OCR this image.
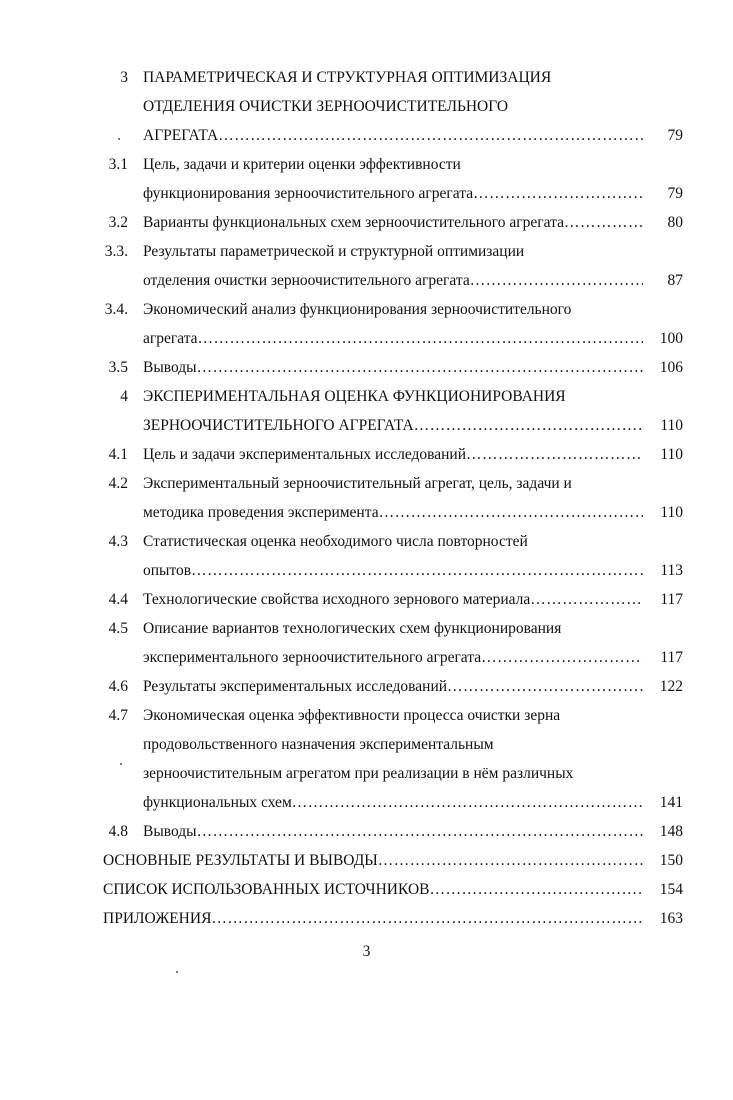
3 ПАРАМЕТРИЧЕСКАЯ И СТРУКТУРНАЯ ОПТИМИЗАЦИЯ
ОТДЕЛЕНИЯ ОЧИСТКИ ЗЕРНООЧИСТИТЕЛЬНОГО
АГРЕГАТА ……………………………………………………………………………………………………………………………………	79
3.1 Цель, задачи и критерии оценки эффективности
функционирования зерноочистительного агрегата ……………………………………………………………………………………………………………………………………	79
3.2 Варианты функциональных схем зерноочистительного агрегата ……………………………………………………………………………………………………………………………………	80
3.3. Результаты параметрической и структурной оптимизации
отделения очистки зерноочистительного агрегата ……………………………………………………………………………………………………………………………………	87
3.4. Экономический анализ функционирования зерноочистительного
агрегата ……………………………………………………………………………………………………………………………………	100
3.5 Выводы ……………………………………………………………………………………………………………………………………	106
4 ЭКСПЕРИМЕНТАЛЬНАЯ ОЦЕНКА ФУНКЦИОНИРОВАНИЯ
ЗЕРНООЧИСТИТЕЛЬНОГО АГРЕГАТА ……………………………………………………………………………………………………………………………………	110
4.1 Цель и задачи экспериментальных исследований ……………………………………………………………………………………………………………………………………	110
4.2 Экспериментальный зерноочистительный агрегат, цель, задачи и
методика проведения эксперимента ……………………………………………………………………………………………………………………………………	110
4.3 Статистическая оценка необходимого числа повторностей
опытов ……………………………………………………………………………………………………………………………………	113
4.4 Технологические свойства исходного зернового материала ……………………………………………………………………………………………………………………………………	117
4.5 Описание вариантов технологических схем функционирования
экспериментального зерноочистительного агрегата ……………………………………………………………………………………………………………………………………	117
4.6 Результаты экспериментальных исследований ……………………………………………………………………………………………………………………………………	122
4.7 Экономическая оценка эффективности процесса очистки зерна
продовольственного назначения экспериментальным
зерноочистительным агрегатом при реализации в нём различных
функциональных схем ……………………………………………………………………………………………………………………………………	141
4.8 Выводы ……………………………………………………………………………………………………………………………………	148
ОСНОВНЫЕ РЕЗУЛЬТАТЫ И ВЫВОДЫ ……………………………………………………………………………………………………………………………………	150
СПИСОК ИСПОЛЬЗОВАННЫХ ИСТОЧНИКОВ ……………………………………………………………………………………………………………………………………	154
ПРИЛОЖЕНИЯ ……………………………………………………………………………………………………………………………………	163
3
